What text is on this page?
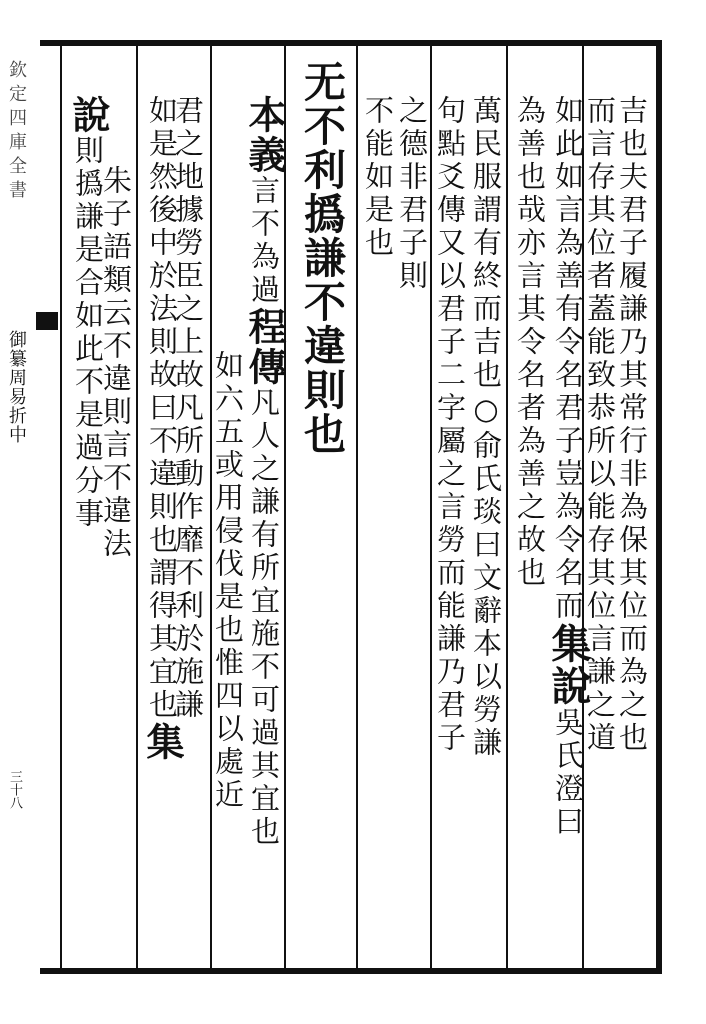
欽定四庫全書
御纂周易折中
三十八
吉也夫君子履謙乃其常行非為保其位而為之也
而言存其位者蓋能致恭所以能存其位言謙之道
如此如言為善有令名君子豈為令名而集說吳氏澄曰
為善也哉亦言其令名者為善之故也
萬民服謂有終而吉也○俞氏琰曰文辭本以勞謙
句點爻傳又以君子二字屬之言勞而能謙乃君子
之德非君子則
不能如是也
无不利撝謙不違則也
本義言不為過程傳凡人之謙有所宜施不可過其宜也
如六五或用侵伐是也惟四以處近
君之地據勞臣之上故凡所動作靡不利於施謙
如是然後中於法則故曰不違則也謂得其宜也集
朱子語類云不違則言不違法
說則撝謙是合如此不是過分事
